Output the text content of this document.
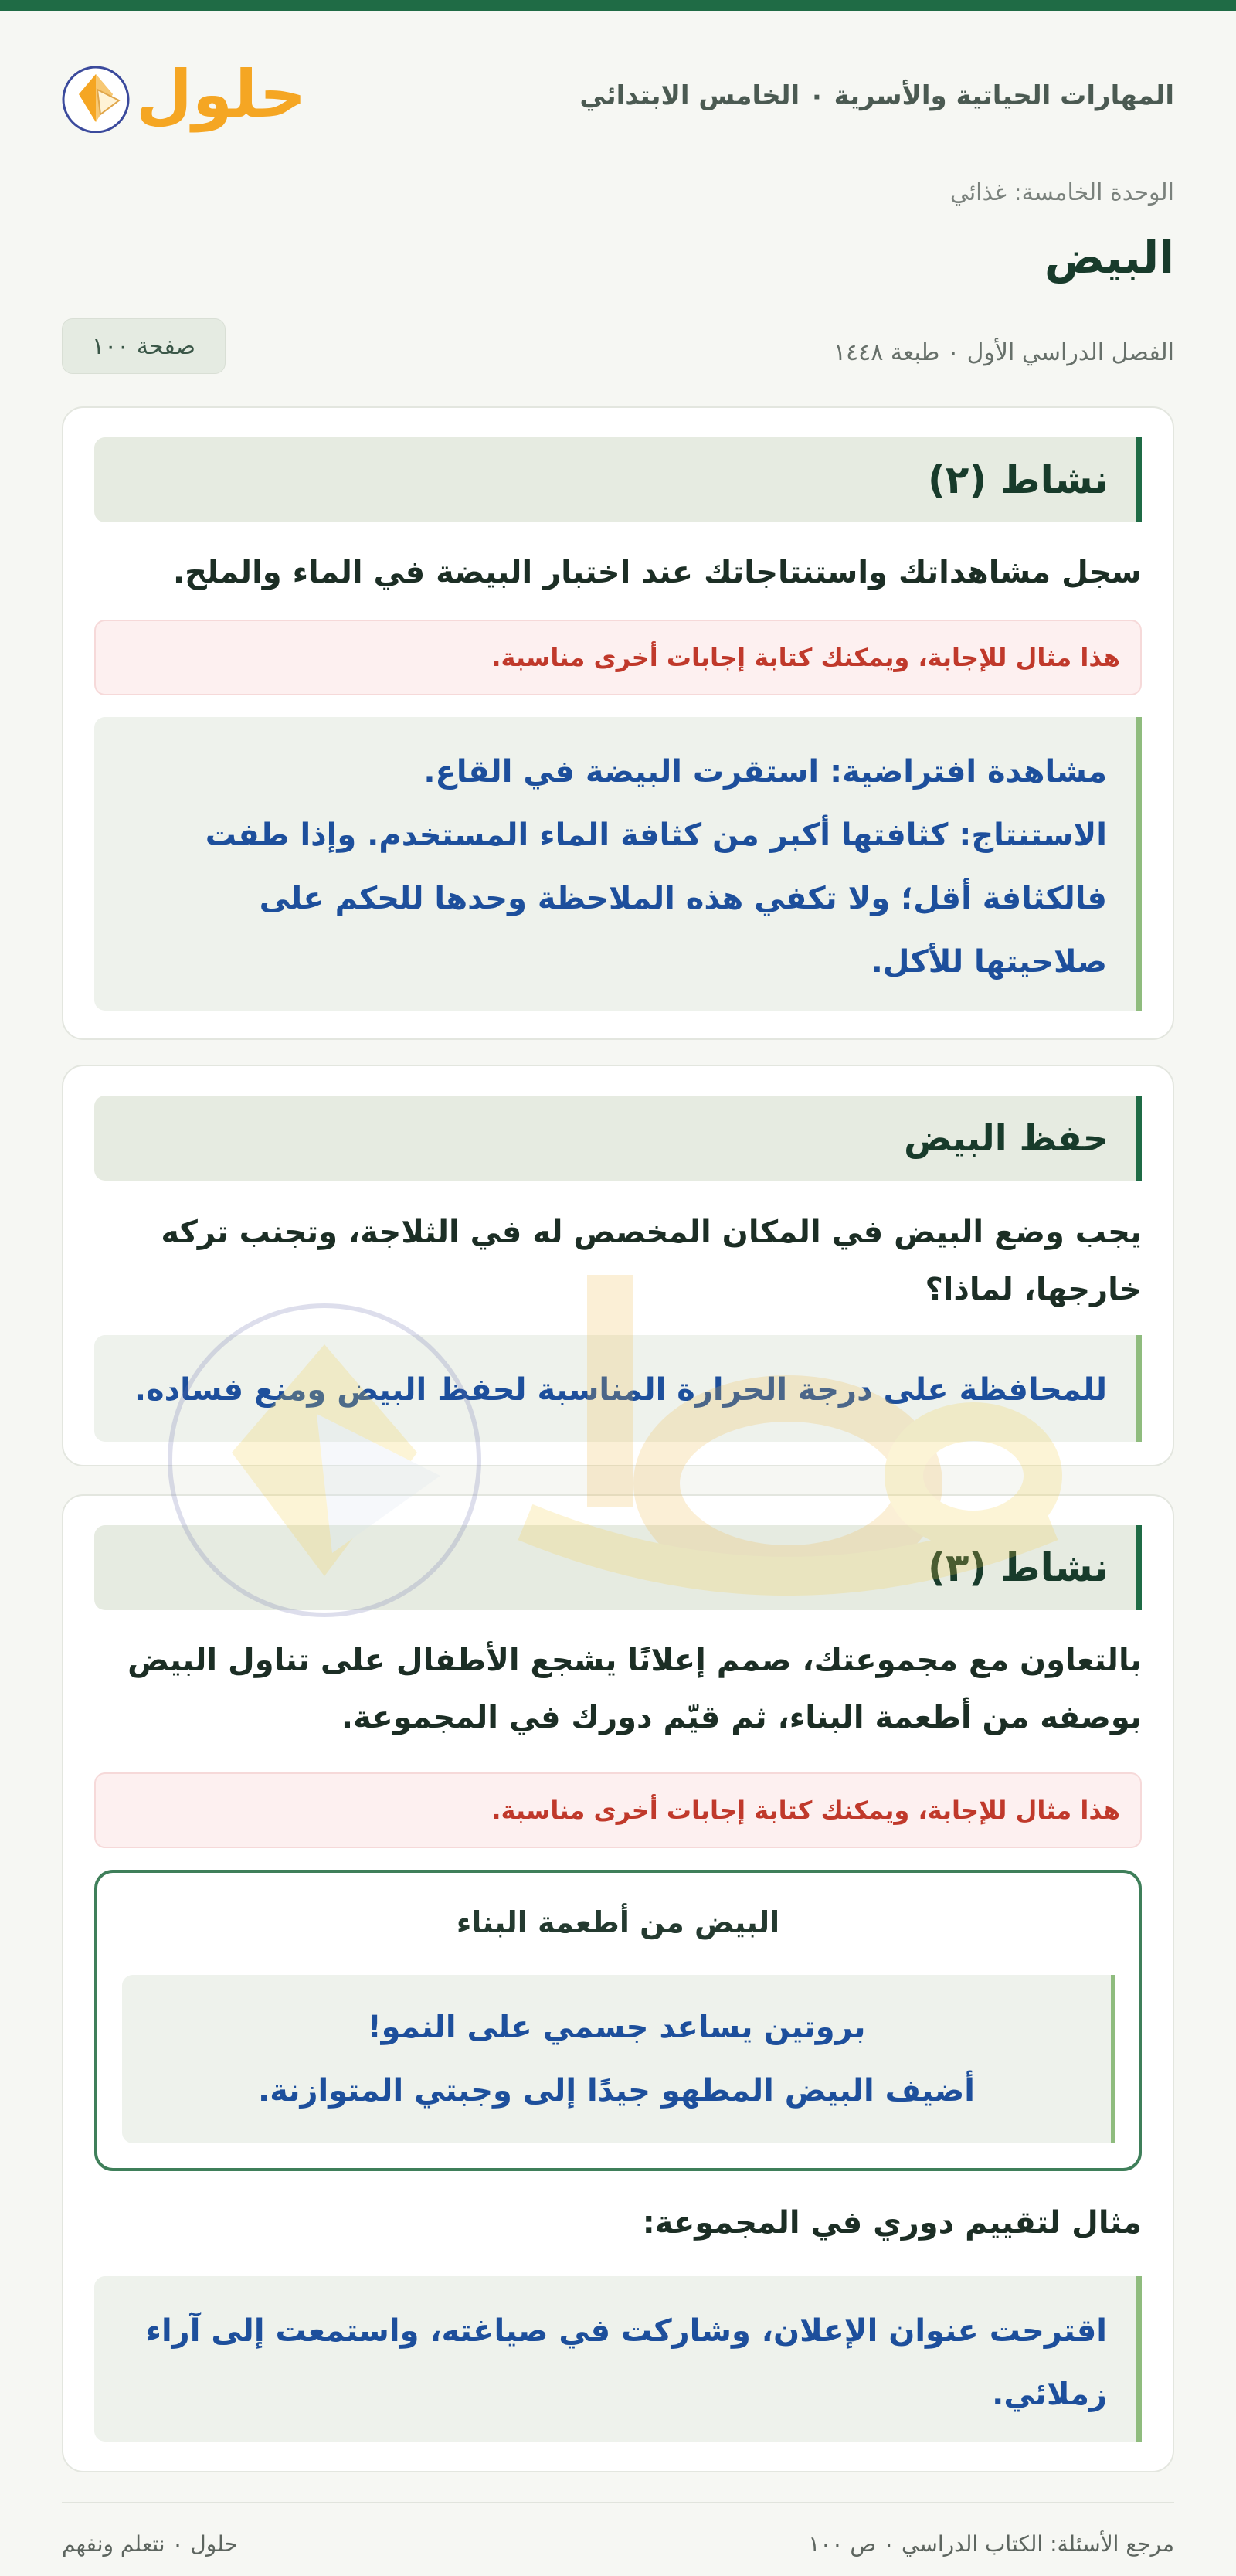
المهارات الحياتية والأسرية ٠ الخامس الابتدائي
حلول
الوحدة الخامسة: غذائي
البيض
الفصل الدراسي الأول ٠ طبعة ١٤٤٨
صفحة ١٠٠
نشاط (٢)

سجل مشاهداتك واستنتاجاتك عند اختبار البيضة في الماء والملح.

هذا مثال للإجابة، ويمكنك كتابة إجابات أخرى مناسبة.

مشاهدة افتراضية: استقرت البيضة في القاع.

الاستنتاج: كثافتها أكبر من كثافة الماء المستخدم. وإذا طفت فالكثافة أقل؛ ولا تكفي هذه الملاحظة وحدها للحكم على صلاحيتها للأكل.

حفظ البيض

يجب وضع البيض في المكان المخصص له في الثلاجة، وتجنب تركه خارجها، لماذا؟

للمحافظة على درجة الحرارة المناسبة لحفظ البيض ومنع فساده.

نشاط (٣)

بالتعاون مع مجموعتك، صمم إعلانًا يشجع الأطفال على تناول البيض بوصفه من أطعمة البناء، ثم قيّم دورك في المجموعة.

هذا مثال للإجابة، ويمكنك كتابة إجابات أخرى مناسبة.
البيض من أطعمة البناء
بروتين يساعد جسمي على النمو!
أضيف البيض المطهو جيدًا إلى وجبتي المتوازنة.
مثال لتقييم دوري في المجموعة:

اقترحت عنوان الإعلان، وشاركت في صياغته، واستمعت إلى آراء زملائي.

مرجع الأسئلة: الكتاب الدراسي ٠ ص ١٠٠
حلول ٠ نتعلم ونفهم
